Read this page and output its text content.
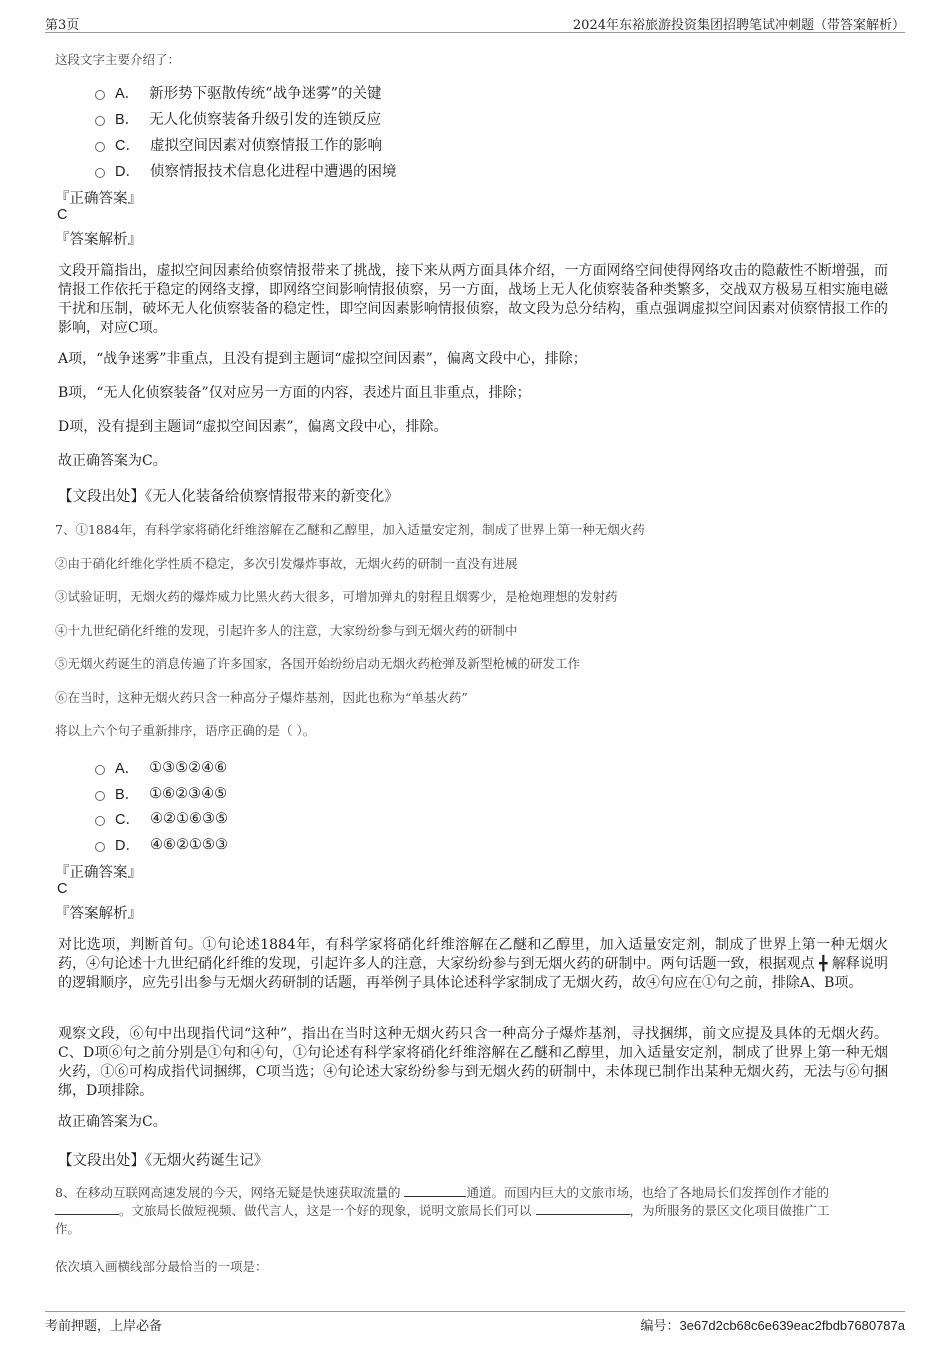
第3页	2024年东裕旅游投资集团招聘笔试冲刺题（带答案解析）
这段文字主要介绍了：
A． 新形势下驱散传统“战争迷雾”的关键
B． 无人化侦察装备升级引发的连锁反应
C． 虚拟空间因素对侦察情报工作的影响
D． 侦察情报技术信息化进程中遭遇的困境
『正确答案』
C
『答案解析』
文段开篇指出，虚拟空间因素给侦察情报带来了挑战，接下来从两方面具体介绍，一方面网络空间使得网络攻击的隐蔽性不断增强，而情报工作依托于稳定的网络支撑，即网络空间影响情报侦察，另一方面，战场上无人化侦察装备种类繁多，交战双方极易互相实施电磁干扰和压制，破坏无人化侦察装备的稳定性，即空间因素影响情报侦察，故文段为总分结构，重点强调虚拟空间因素对侦察情报工作的影响，对应C项。
A项，“战争迷雾”非重点，且没有提到主题词“虚拟空间因素”，偏离文段中心，排除；
B项，“无人化侦察装备”仅对应另一方面的内容，表述片面且非重点，排除；
D项，没有提到主题词“虚拟空间因素”，偏离文段中心，排除。
故正确答案为C。
【文段出处】《无人化装备给侦察情报带来的新变化》
7、①1884年，有科学家将硝化纤维溶解在乙醚和乙醇里，加入适量安定剂，制成了世界上第一种无烟火药
②由于硝化纤维化学性质不稳定，多次引发爆炸事故，无烟火药的研制一直没有进展
③试验证明，无烟火药的爆炸威力比黑火药大很多，可增加弹丸的射程且烟雾少，是枪炮理想的发射药
④十九世纪硝化纤维的发现，引起许多人的注意，大家纷纷参与到无烟火药的研制中
⑤无烟火药诞生的消息传遍了许多国家，各国开始纷纷启动无烟火药枪弹及新型枪械的研发工作
⑥在当时，这种无烟火药只含一种高分子爆炸基剂，因此也称为“单基火药”
将以上六个句子重新排序，语序正确的是（ ）。
A． ①③⑤②④⑥
B． ①⑥②③④⑤
C． ④②①⑥③⑤
D． ④⑥②①⑤③
『正确答案』
C
『答案解析』
对比选项，判断首句。①句论述1884年，有科学家将硝化纤维溶解在乙醚和乙醇里，加入适量安定剂，制成了世界上第一种无烟火药，④句论述十九世纪硝化纤维的发现，引起许多人的注意，大家纷纷参与到无烟火药的研制中。两句话题一致，根据观点 ╋ 解释说明的逻辑顺序，应先引出参与无烟火药研制的话题，再举例子具体论述科学家制成了无烟火药，故④句应在①句之前，排除A、B项。
观察文段，⑥句中出现指代词“这种”，指出在当时这种无烟火药只含一种高分子爆炸基剂，寻找捆绑，前文应提及具体的无烟火药。C、D项⑥句之前分别是①句和④句，①句论述有科学家将硝化纤维溶解在乙醚和乙醇里，加入适量安定剂，制成了世界上第一种无烟火药，①⑥可构成指代词捆绑，C项当选；④句论述大家纷纷参与到无烟火药的研制中，未体现已制作出某种无烟火药，无法与⑥句捆绑，D项排除。
故正确答案为C。
【文段出处】《无烟火药诞生记》
8、在移动互联网高速发展的今天，网络无疑是快速获取流量的	通道。而国内巨大的文旅市场，也给了各地局长们发挥创作才能的
。文旅局长做短视频、做代言人，这是一个好的现象，说明文旅局长们可以	，为所服务的景区文化项目做推广工
作。
依次填入画横线部分最恰当的一项是：
考前押题，上岸必备	编号：3e67d2cb68c6e639eac2fbdb7680787a
